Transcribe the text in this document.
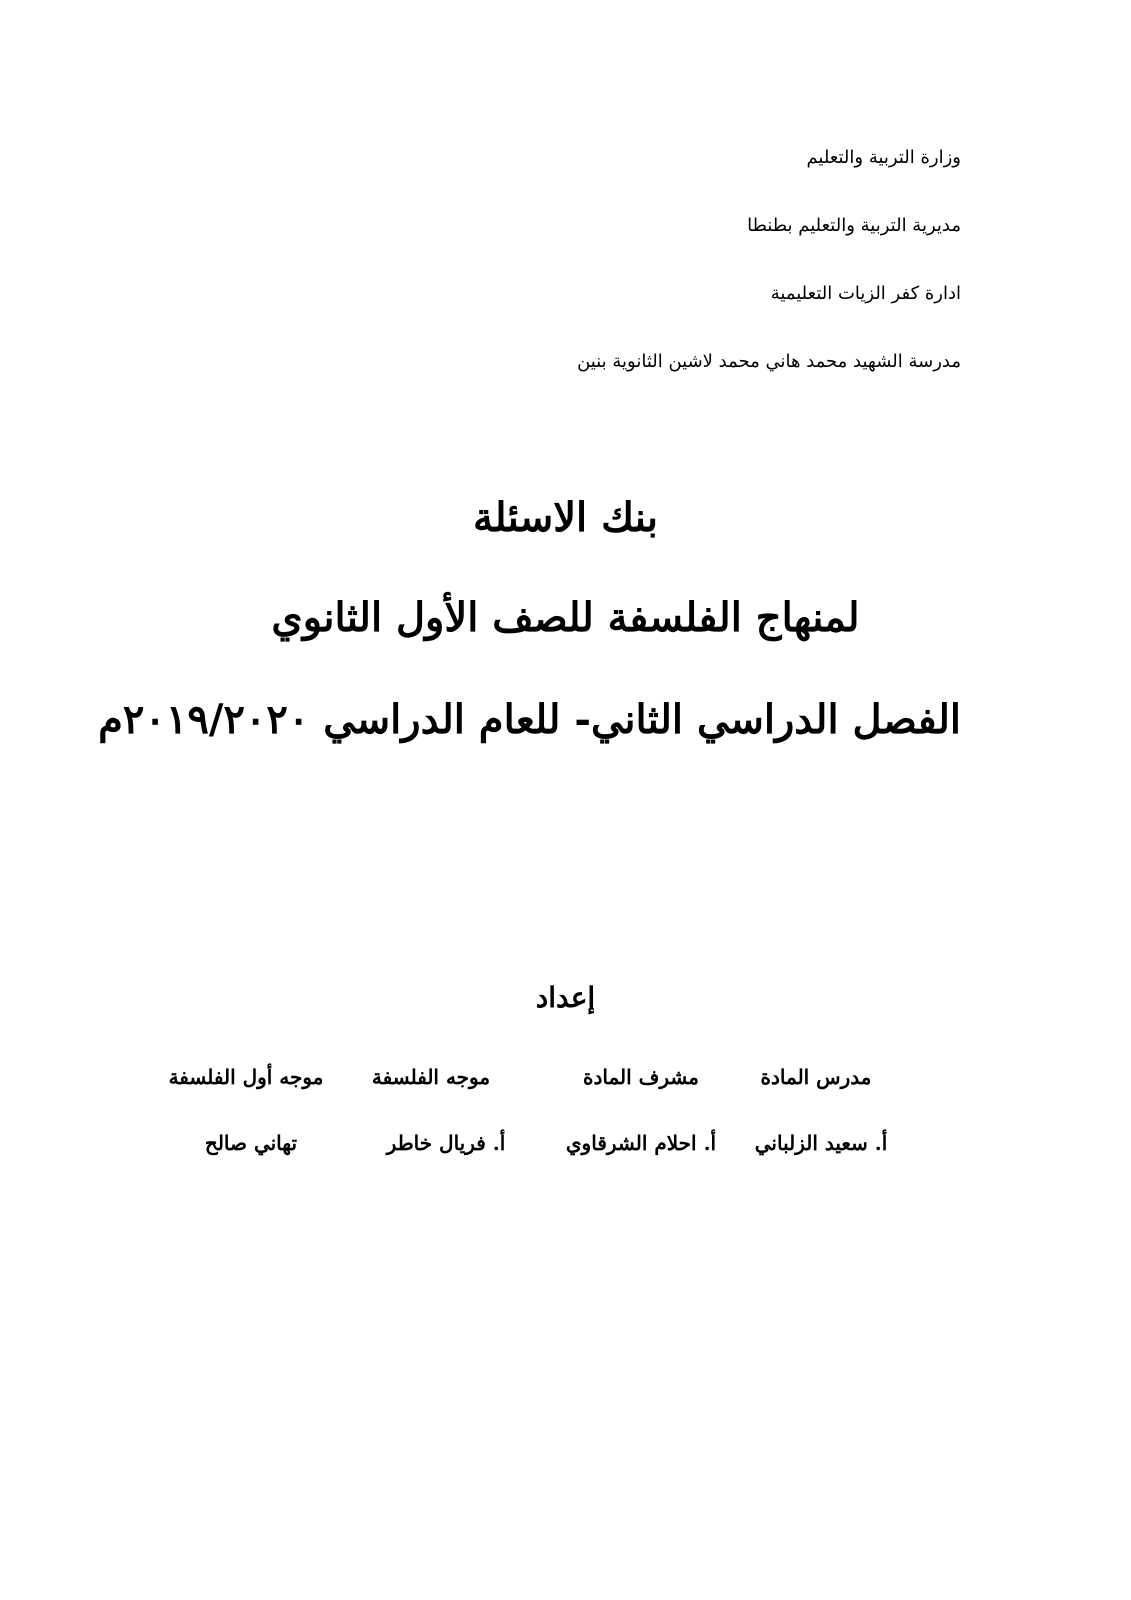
وزارة التربية والتعليم
مديرية التربية والتعليم بطنطا
ادارة كفر الزيات التعليمية
مدرسة الشهيد محمد هاني محمد لاشين الثانوية بنين
بنك الاسئلة
لمنهاج الفلسفة للصف الأول الثانوي
الفصل الدراسي الثاني- للعام الدراسي ٢٠١٩/٢٠٢٠م
إعداد
مدرس المادة
مشرف المادة
موجه الفلسفة
موجه أول الفلسفة
أ. سعيد الزلباني
أ. احلام الشرقاوي
أ. فريال خاطر
تهاني صالح
